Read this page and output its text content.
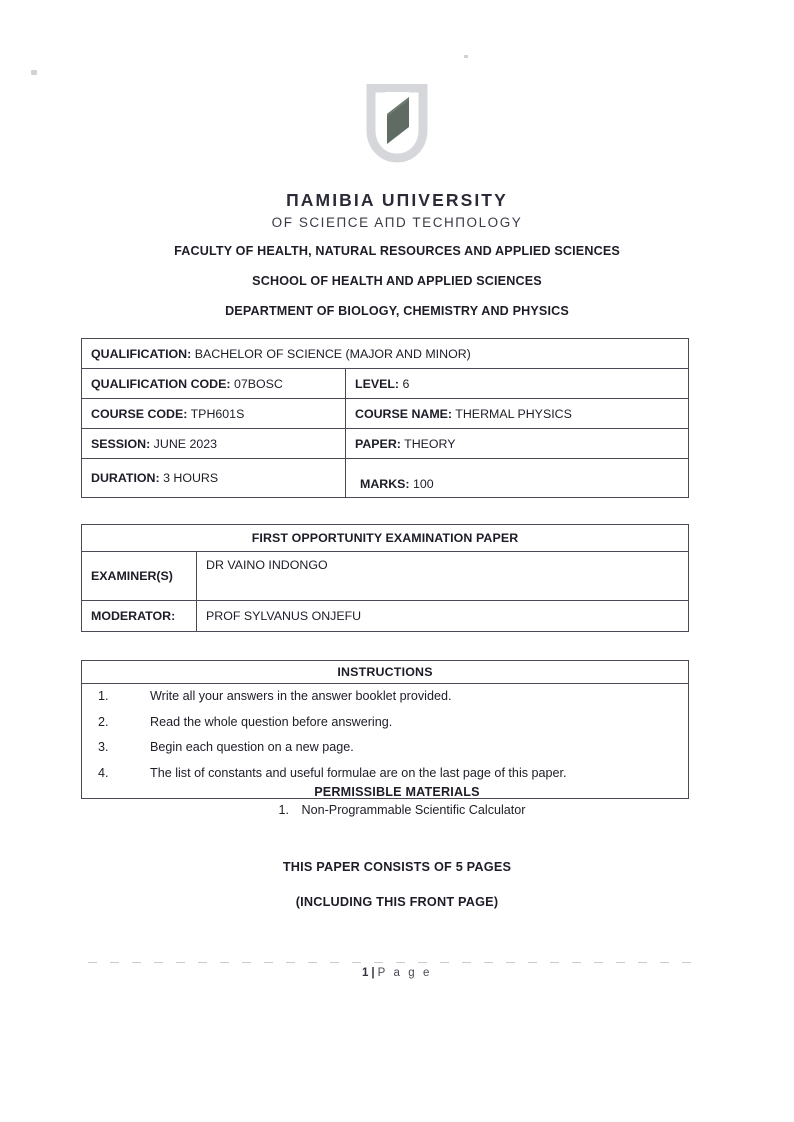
ПAMIBIA UПIVERSITY
OF SCIEПCE AПD TECHПOLOGY
FACULTY OF HEALTH, NATURAL RESOURCES AND APPLIED SCIENCES
SCHOOL OF HEALTH AND APPLIED SCIENCES
DEPARTMENT OF BIOLOGY, CHEMISTRY AND PHYSICS
QUALIFICATION: BACHELOR OF SCIENCE (MAJOR AND MINOR)	
QUALIFICATION CODE: 07BOSC	LEVEL: 6
COURSE CODE: TPH601S	COURSE NAME: THERMAL PHYSICS
SESSION: JUNE 2023	PAPER: THEORY
DURATION: 3 HOURS	MARKS: 100
FIRST OPPORTUNITY EXAMINATION PAPER	
EXAMINER(S)	DR VAINO INDONGO
MODERATOR:	PROF SYLVANUS ONJEFU
INSTRUCTIONS

1.	Write all your answers in the answer booklet provided.
2.	Read the whole question before answering.
3.	Begin each question on a new page.
4.	The list of constants and useful formulae are on the last page of this paper.
PERMISSIBLE MATERIALS
1. Non-Programmable Scientific Calculator
THIS PAPER CONSISTS OF 5 PAGES
(INCLUDING THIS FRONT PAGE)
1 | P a g e
